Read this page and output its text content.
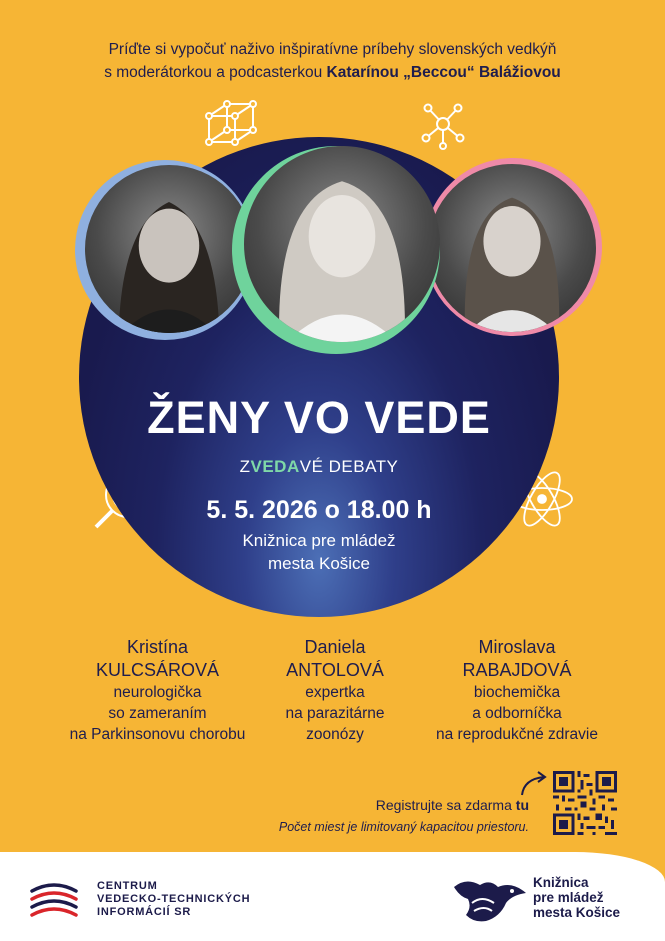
Príďte si vypočuť naživo inšpiratívne príbehy slovenských vedkýň
s moderátorkou a podcasterkou Katarínou „Beccou“ Balážiovou
ŽENY VO VEDE
ZVEDAVÉ DEBATY
5. 5. 2026 o 18.00 h
Knižnica pre mládež
mesta Košice
Kristína
KULCSÁROVÁ
neurologička
so zameraním
na Parkinsonovu chorobu
Daniela
ANTOLOVÁ
expertka
na parazitárne
zoonózy
Miroslava
RABAJDOVÁ
biochemička
a odborníčka
na reprodukčné zdravie
Registrujte sa zdarma tu
Počet miest je limitovaný kapacitou priestoru.
CENTRUM
VEDECKO-TECHNICKÝCH
INFORMÁCIÍ SR
Knižnica
pre mládež
mesta Košice
